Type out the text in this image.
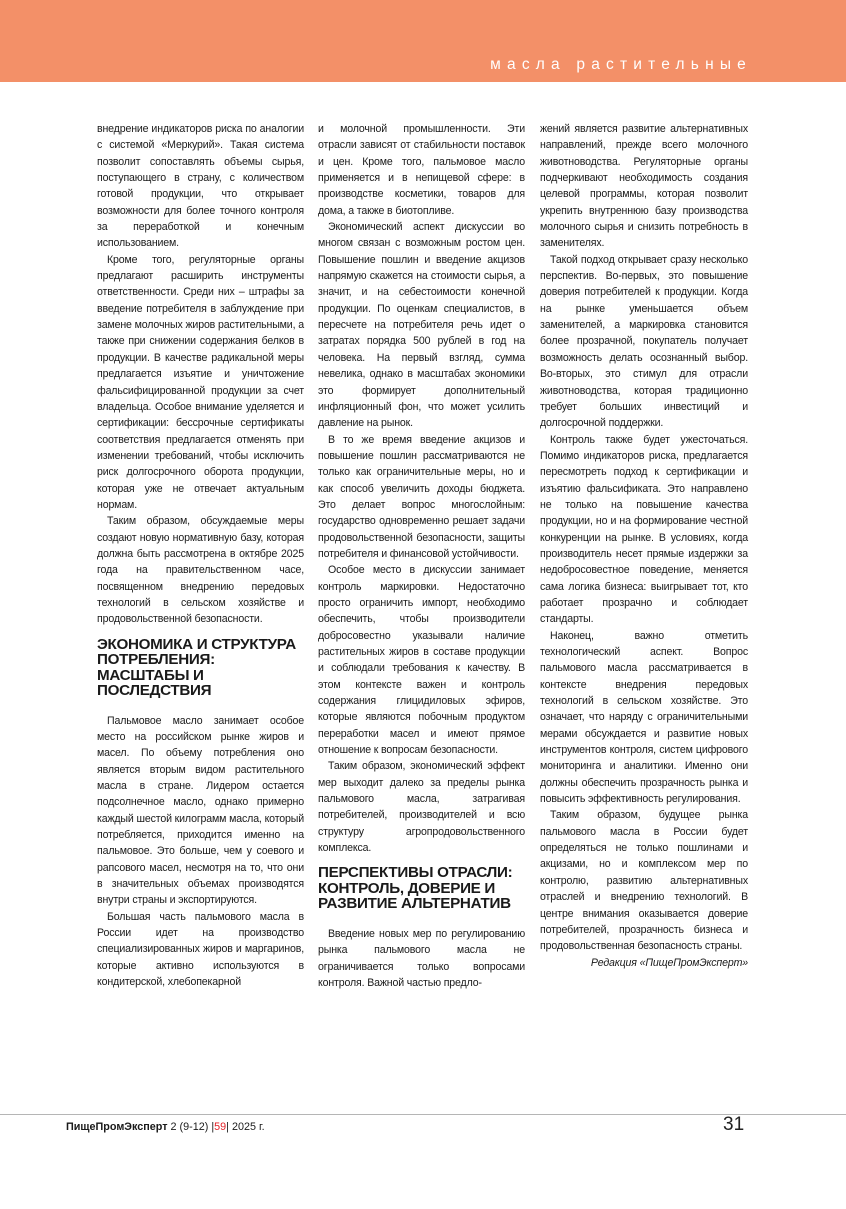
масла растительные

внедрение индикаторов риска по аналогии с системой «Меркурий». Такая система позволит сопоставлять объемы сырья, поступающего в страну, с количеством готовой продукции, что открывает возможности для более точного контроля за переработкой и конечным использованием.

Кроме того, регуляторные органы предлагают расширить инструменты ответственности. Среди них – штрафы за введение потребителя в заблуждение при замене молочных жиров растительными, а также при снижении содержания белков в продукции. В качестве радикальной меры предлагается изъятие и уничтожение фальсифицированной продукции за счет владельца. Особое внимание уделяется и сертификации: бессрочные сертификаты соответствия предлагается отменять при изменении требований, чтобы исключить риск долгосрочного оборота продукции, которая уже не отвечает актуальным нормам.

Таким образом, обсуждаемые меры создают новую нормативную базу, которая должна быть рассмотрена в октябре 2025 года на правительственном часе, посвященном внедрению передовых технологий в сельском хозяйстве и продовольственной безопасности.

ЭКОНОМИКА И СТРУКТУРА ПОТРЕБЛЕНИЯ: МАСШТАБЫ И ПОСЛЕДСТВИЯ

Пальмовое масло занимает особое место на российском рынке жиров и масел. По объему потребления оно является вторым видом растительного масла в стране. Лидером остается подсолнечное масло, однако примерно каждый шестой килограмм масла, который потребляется, приходится именно на пальмовое. Это больше, чем у соевого и рапсового масел, несмотря на то, что они в значительных объемах производятся внутри страны и экспортируются.

Большая часть пальмового масла в России идет на производство специализированных жиров и маргаринов, которые активно используются в кондитерской, хлебопекарной

и молочной промышленности. Эти отрасли зависят от стабильности поставок и цен. Кроме того, пальмовое масло применяется и в непищевой сфере: в производстве косметики, товаров для дома, а также в биотопливе.

Экономический аспект дискуссии во многом связан с возможным ростом цен. Повышение пошлин и введение акцизов напрямую скажется на стоимости сырья, а значит, и на себестоимости конечной продукции. По оценкам специалистов, в пересчете на потребителя речь идет о затратах порядка 500 рублей в год на человека. На первый взгляд, сумма невелика, однако в масштабах экономики это формирует дополнительный инфляционный фон, что может усилить давление на рынок.

В то же время введение акцизов и повышение пошлин рассматриваются не только как ограничительные меры, но и как способ увеличить доходы бюджета. Это делает вопрос многослойным: государство одновременно решает задачи продовольственной безопасности, защиты потребителя и финансовой устойчивости.

Особое место в дискуссии занимает контроль маркировки. Недостаточно просто ограничить импорт, необходимо обеспечить, чтобы производители добросовестно указывали наличие растительных жиров в составе продукции и соблюдали требования к качеству. В этом контексте важен и контроль содержания глицидиловых эфиров, которые являются побочным продуктом переработки масел и имеют прямое отношение к вопросам безопасности.

Таким образом, экономический эффект мер выходит далеко за пределы рынка пальмового масла, затрагивая потребителей, производителей и всю структуру агропродовольственного комплекса.

ПЕРСПЕКТИВЫ ОТРАСЛИ: КОНТРОЛЬ, ДОВЕРИЕ И РАЗВИТИЕ АЛЬТЕРНАТИВ

Введение новых мер по регулированию рынка пальмового масла не ограничивается только вопросами контроля. Важной частью предло-

жений является развитие альтернативных направлений, прежде всего молочного животноводства. Регуляторные органы подчеркивают необходимость создания целевой программы, которая позволит укрепить внутреннюю базу производства молочного сырья и снизить потребность в заменителях.

Такой подход открывает сразу несколько перспектив. Во-первых, это повышение доверия потребителей к продукции. Когда на рынке уменьшается объем заменителей, а маркировка становится более прозрачной, покупатель получает возможность делать осознанный выбор. Во-вторых, это стимул для отрасли животноводства, которая традиционно требует больших инвестиций и долгосрочной поддержки.

Контроль также будет ужесточаться. Помимо индикаторов риска, предлагается пересмотреть подход к сертификации и изъятию фальсификата. Это направлено не только на повышение качества продукции, но и на формирование честной конкуренции на рынке. В условиях, когда производитель несет прямые издержки за недобросовестное поведение, меняется сама логика бизнеса: выигрывает тот, кто работает прозрачно и соблюдает стандарты.

Наконец, важно отметить технологический аспект. Вопрос пальмового масла рассматривается в контексте внедрения передовых технологий в сельском хозяйстве. Это означает, что наряду с ограничительными мерами обсуждается и развитие новых инструментов контроля, систем цифрового мониторинга и аналитики. Именно они должны обеспечить прозрачность рынка и повысить эффективность регулирования.

Таким образом, будущее рынка пальмового масла в России будет определяться не только пошлинами и акцизами, но и комплексом мер по контролю, развитию альтернативных отраслей и внедрению технологий. В центре внимания оказывается доверие потребителей, прозрачность бизнеса и продовольственная безопасность страны.

Редакция «ПищеПромЭксперт»

ПищеПромЭксперт 2 (9-12) |59| 2025 г.	31
